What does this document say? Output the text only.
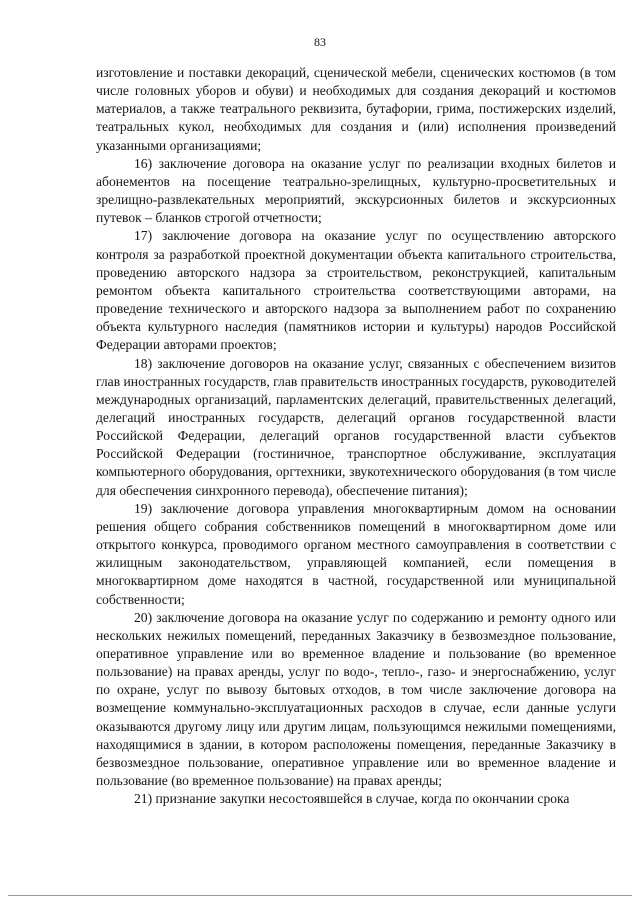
83

изготовление и поставки декораций, сценической мебели, сценических костюмов (в том числе головных уборов и обуви) и необходимых для создания декораций и костюмов материалов, а также театрального реквизита, бутафории, грима, постижерских изделий, театральных кукол, необходимых для создания и (или) исполнения произведений указанными организациями;

16) заключение договора на оказание услуг по реализации входных билетов и абонементов на посещение театрально-зрелищных, культурно-просветительных и зрелищно-развлекательных мероприятий, экскурсионных билетов и экскурсионных путевок – бланков строгой отчетности;

17) заключение договора на оказание услуг по осуществлению авторского контроля за разработкой проектной документации объекта капитального строительства, проведению авторского надзора за строительством, реконструкцией, капитальным ремонтом объекта капитального строительства соответствующими авторами, на проведение технического и авторского надзора за выполнением работ по сохранению объекта культурного наследия (памятников истории и культуры) народов Российской Федерации авторами проектов;

18) заключение договоров на оказание услуг, связанных с обеспечением визитов глав иностранных государств, глав правительств иностранных государств, руководителей международных организаций, парламентских делегаций, правительственных делегаций, делегаций иностранных государств, делегаций органов государственной власти Российской Федерации, делегаций органов государственной власти субъектов Российской Федерации (гостиничное, транспортное обслуживание, эксплуатация компьютерного оборудования, оргтехники, звукотехнического оборудования (в том числе для обеспечения синхронного перевода), обеспечение питания);

19) заключение договора управления многоквартирным домом на основании решения общего собрания собственников помещений в многоквартирном доме или открытого конкурса, проводимого органом местного самоуправления в соответствии с жилищным законодательством, управляющей компанией, если помещения в многоквартирном доме находятся в частной, государственной или муниципальной собственности;

20) заключение договора на оказание услуг по содержанию и ремонту одного или нескольких нежилых помещений, переданных Заказчику в безвозмездное пользование, оперативное управление или во временное владение и пользование (во временное пользование) на правах аренды, услуг по водо-, тепло-, газо- и энергоснабжению, услуг по охране, услуг по вывозу бытовых отходов, в том числе заключение договора на возмещение коммунально-эксплуатационных расходов в случае, если данные услуги оказываются другому лицу или другим лицам, пользующимся нежилыми помещениями, находящимися в здании, в котором расположены помещения, переданные Заказчику в безвозмездное пользование, оперативное управление или во временное владение и пользование (во временное пользование) на правах аренды;

21) признание закупки несостоявшейся в случае, когда по окончании срока
